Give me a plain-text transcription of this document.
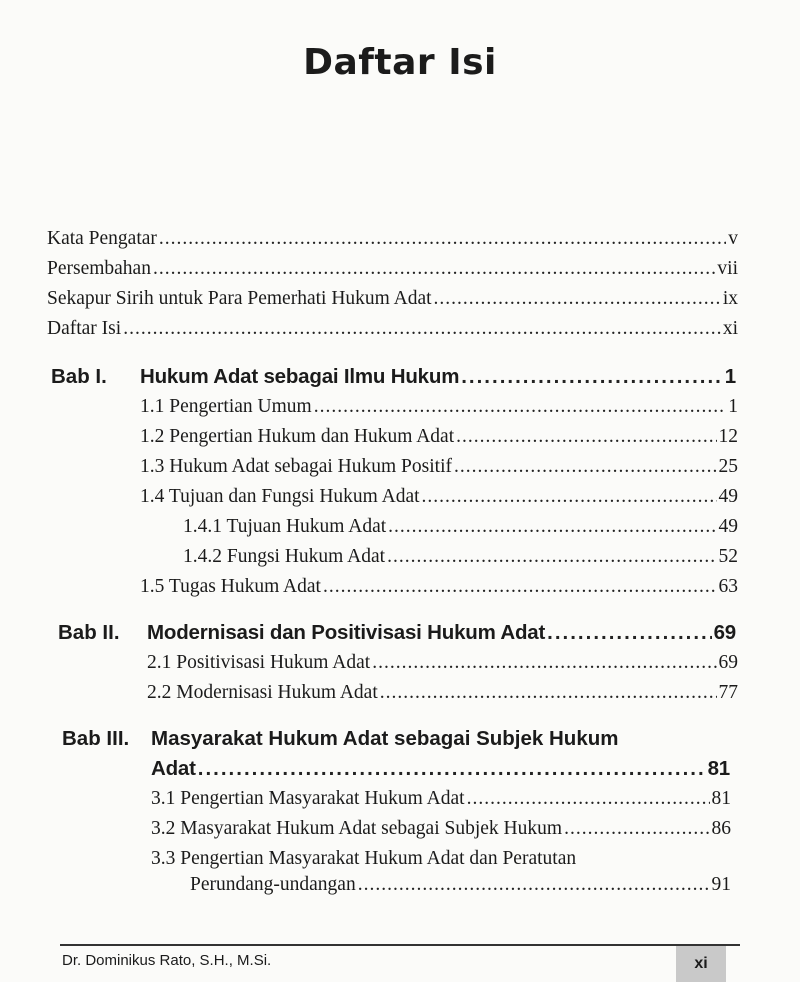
Daftar Isi
Kata Pengatar .....	v
Persembahan .....	vii
Sekapur Sirih untuk Para Pemerhati Hukum Adat .....	ix
Daftar Isi .....	xi
Bab I. Hukum Adat sebagai Ilmu Hukum .....	1
1.1 Pengertian Umum .....	1
1.2 Pengertian Hukum dan Hukum Adat .....	12
1.3 Hukum Adat sebagai Hukum Positif .....	25
1.4 Tujuan dan Fungsi Hukum Adat .....	49
1.4.1 Tujuan Hukum Adat .....	49
1.4.2 Fungsi Hukum Adat .....	52
1.5 Tugas Hukum Adat .....	63
Bab II. Modernisasi dan Positivisasi Hukum Adat .....	69
2.1 Positivisasi Hukum Adat .....	69
2.2 Modernisasi Hukum Adat .....	77
Bab III. Masyarakat Hukum Adat sebagai Subjek Hukum
Adat .....	81
3.1 Pengertian Masyarakat Hukum Adat .....	81
3.2 Masyarakat Hukum Adat sebagai Subjek Hukum .....	86
3.3 Pengertian Masyarakat Hukum Adat dan Peratutan
Perundang-undangan .....	91
Dr. Dominikus Rato, S.H., M.Si.	xi
